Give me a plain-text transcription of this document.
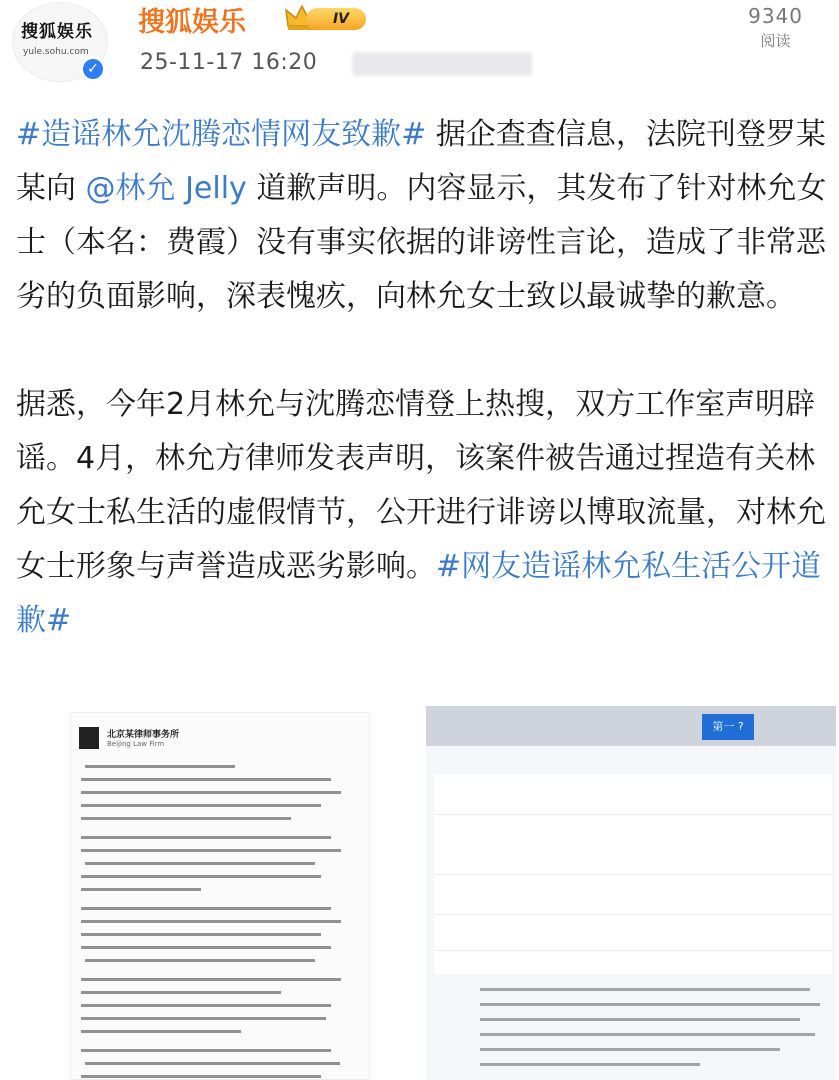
搜狐娱乐
yule.sohu.com
✓
搜狐娱乐	IV
25-11-17 16:20
9340
阅读

#造谣林允沈腾恋情网友致歉# 据企查查信息，法院刊登罗某某向 @林允 Jelly 道歉声明。内容显示，其发布了针对林允女士（本名：费霞）没有事实依据的诽谤性言论，造成了非常恶劣的负面影响，深表愧疚，向林允女士致以最诚挚的歉意。

据悉，今年2月林允与沈腾恋情登上热搜，双方工作室声明辟谣。4月，林允方律师发表声明，该案件被告通过捏造有关林允女士私生活的虚假情节，公开进行诽谤以博取流量，对林允女士形象与声誉造成恶劣影响。#网友造谣林允私生活公开道歉#

北京某律师事务所
Beijing Law Firm
第一 ?
